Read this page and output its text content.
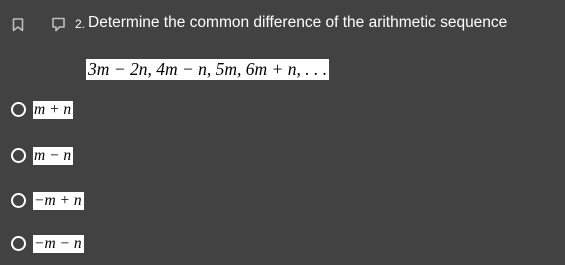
2. Determine the common difference of the arithmetic sequence
3m − 2n, 4m − n, 5m, 6m + n, . . .
m + n
m − n
−m + n
−m − n
